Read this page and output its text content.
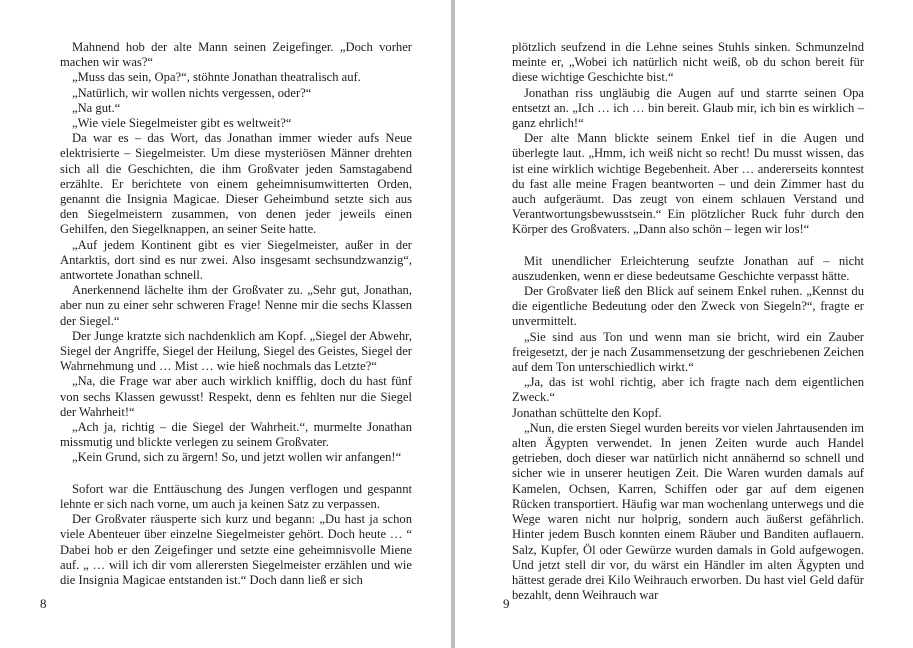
Mahnend hob der alte Mann seinen Zeigefinger. „Doch vorher machen wir was?“

„Muss das sein, Opa?“, stöhnte Jonathan theatralisch auf.

„Natürlich, wir wollen nichts vergessen, oder?“

„Na gut.“

„Wie viele Siegelmeister gibt es weltweit?“

Da war es – das Wort, das Jonathan immer wieder aufs Neue elektrisierte – Siegelmeister. Um diese mysteriösen Männer drehten sich all die Geschichten, die ihm Großvater jeden Samstagabend erzählte. Er berichtete von einem geheimnisumwitterten Orden, genannt die Insignia Magicae. Dieser Geheimbund setzte sich aus den Siegelmeistern zusammen, von denen jeder jeweils einen Gehilfen, den Siegelknappen, an seiner Seite hatte.

„Auf jedem Kontinent gibt es vier Siegelmeister, außer in der Antarktis, dort sind es nur zwei. Also insgesamt sechsundzwanzig“, antwortete Jonathan schnell.

Anerkennend lächelte ihm der Großvater zu. „Sehr gut, Jonathan, aber nun zu einer sehr schweren Frage! Nenne mir die sechs Klassen der Siegel.“

Der Junge kratzte sich nachdenklich am Kopf. „Siegel der Abwehr, Siegel der Angriffe, Siegel der Heilung, Siegel des Geistes, Siegel der Wahrnehmung und … Mist … wie hieß nochmals das Letzte?“

„Na, die Frage war aber auch wirklich knifflig, doch du hast fünf von sechs Klassen gewusst! Respekt, denn es fehlten nur die Siegel der Wahrheit!“

„Ach ja, richtig – die Siegel der Wahrheit.“, murmelte Jonathan missmutig und blickte verlegen zu seinem Großvater.

„Kein Grund, sich zu ärgern! So, und jetzt wollen wir anfangen!“

Sofort war die Enttäuschung des Jungen verflogen und gespannt lehnte er sich nach vorne, um auch ja keinen Satz zu verpassen.

Der Großvater räusperte sich kurz und begann: „Du hast ja schon viele Abenteuer über einzelne Siegelmeister gehört. Doch heute … “ Dabei hob er den Zeigefinger und setzte eine geheimnisvolle Miene auf. „ … will ich dir vom allerersten Siegelmeister erzählen und wie die Insignia Magicae entstanden ist.“ Doch dann ließ er sich

8

plötzlich seufzend in die Lehne seines Stuhls sinken. Schmunzelnd meinte er, „Wobei ich natürlich nicht weiß, ob du schon bereit für diese wichtige Geschichte bist.“

Jonathan riss ungläubig die Augen auf und starrte seinen Opa entsetzt an. „Ich … ich … bin bereit. Glaub mir, ich bin es wirklich – ganz ehrlich!“

Der alte Mann blickte seinem Enkel tief in die Augen und überlegte laut. „Hmm, ich weiß nicht so recht! Du musst wissen, das ist eine wirklich wichtige Begebenheit. Aber … andererseits konntest du fast alle meine Fragen beantworten – und dein Zimmer hast du auch aufgeräumt. Das zeugt von einem schlauen Verstand und Verantwortungsbewusstsein.“ Ein plötzlicher Ruck fuhr durch den Körper des Großvaters. „Dann also schön – legen wir los!“

Mit unendlicher Erleichterung seufzte Jonathan auf – nicht auszudenken, wenn er diese bedeutsame Geschichte verpasst hätte.

Der Großvater ließ den Blick auf seinem Enkel ruhen. „Kennst du die eigentliche Bedeutung oder den Zweck von Siegeln?“, fragte er unvermittelt.

„Sie sind aus Ton und wenn man sie bricht, wird ein Zauber freigesetzt, der je nach Zusammensetzung der geschriebenen Zeichen auf dem Ton unterschiedlich wirkt.“

„Ja, das ist wohl richtig, aber ich fragte nach dem eigentlichen Zweck.“

Jonathan schüttelte den Kopf.

„Nun, die ersten Siegel wurden bereits vor vielen Jahrtausenden im alten Ägypten verwendet. In jenen Zeiten wurde auch Handel getrieben, doch dieser war natürlich nicht annähernd so schnell und sicher wie in unserer heutigen Zeit. Die Waren wurden damals auf Kamelen, Ochsen, Karren, Schiffen oder gar auf dem eigenen Rücken transportiert. Häufig war man wochenlang unterwegs und die Wege waren nicht nur holprig, sondern auch äußerst gefährlich. Hinter jedem Busch konnten einem Räuber und Banditen auflauern. Salz, Kupfer, Öl oder Gewürze wurden damals in Gold aufgewogen. Und jetzt stell dir vor, du wärst ein Händler im alten Ägypten und hättest gerade drei Kilo Weihrauch erworben. Du hast viel Geld dafür bezahlt, denn Weihrauch war

9
